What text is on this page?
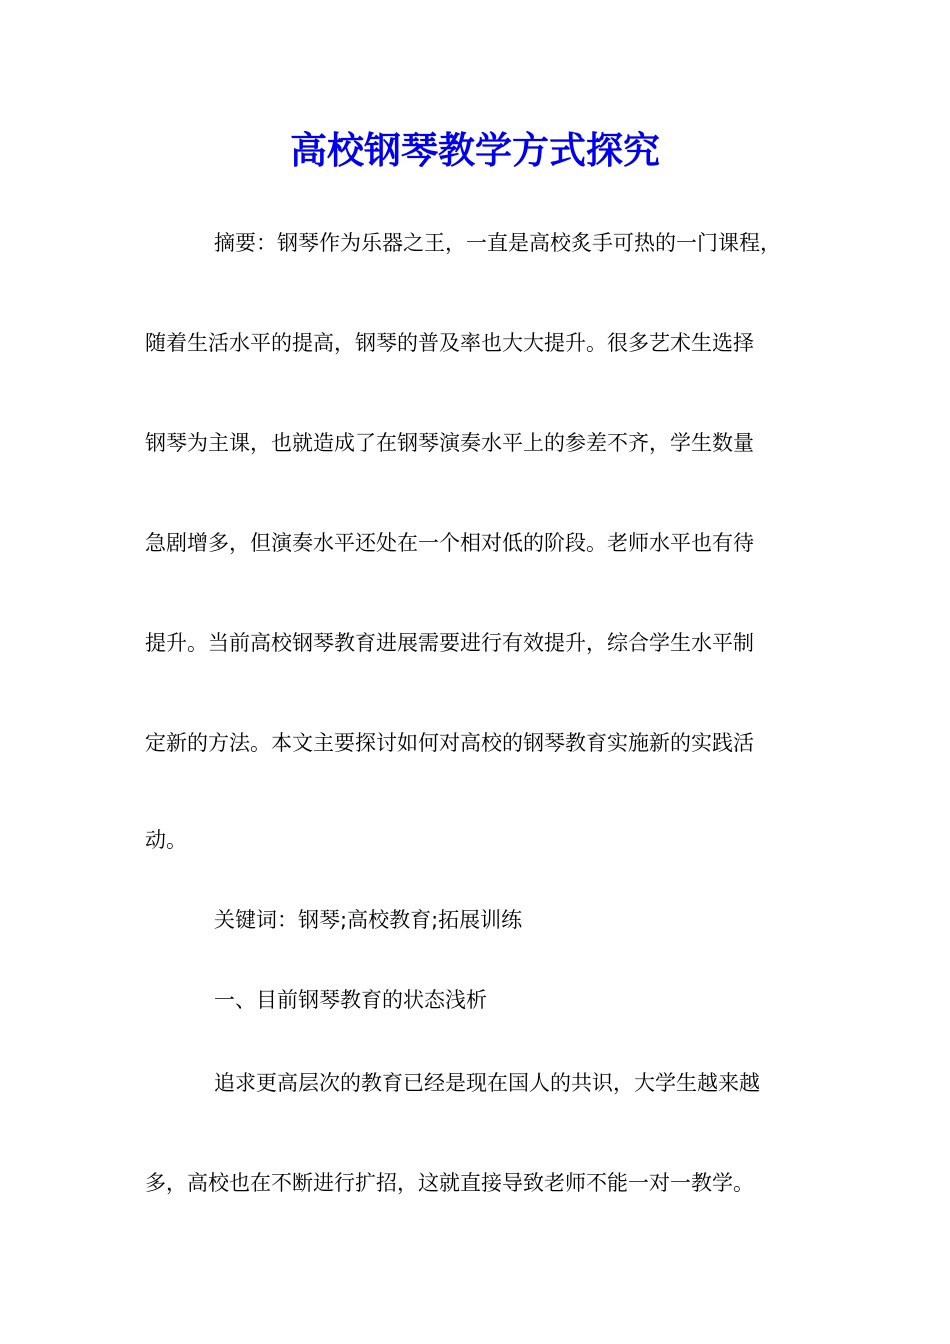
高校钢琴教学方式探究

摘要：钢琴作为乐器之王，一直是高校炙手可热的一门课程，

随着生活水平的提高，钢琴的普及率也大大提升。很多艺术生选择

钢琴为主课，也就造成了在钢琴演奏水平上的参差不齐，学生数量

急剧增多，但演奏水平还处在一个相对低的阶段。老师水平也有待

提升。当前高校钢琴教育进展需要进行有效提升，综合学生水平制

定新的方法。本文主要探讨如何对高校的钢琴教育实施新的实践活

动。

关键词：钢琴;高校教育;拓展训练

一、目前钢琴教育的状态浅析

追求更高层次的教育已经是现在国人的共识，大学生越来越

多，高校也在不断进行扩招，这就直接导致老师不能一对一教学。
